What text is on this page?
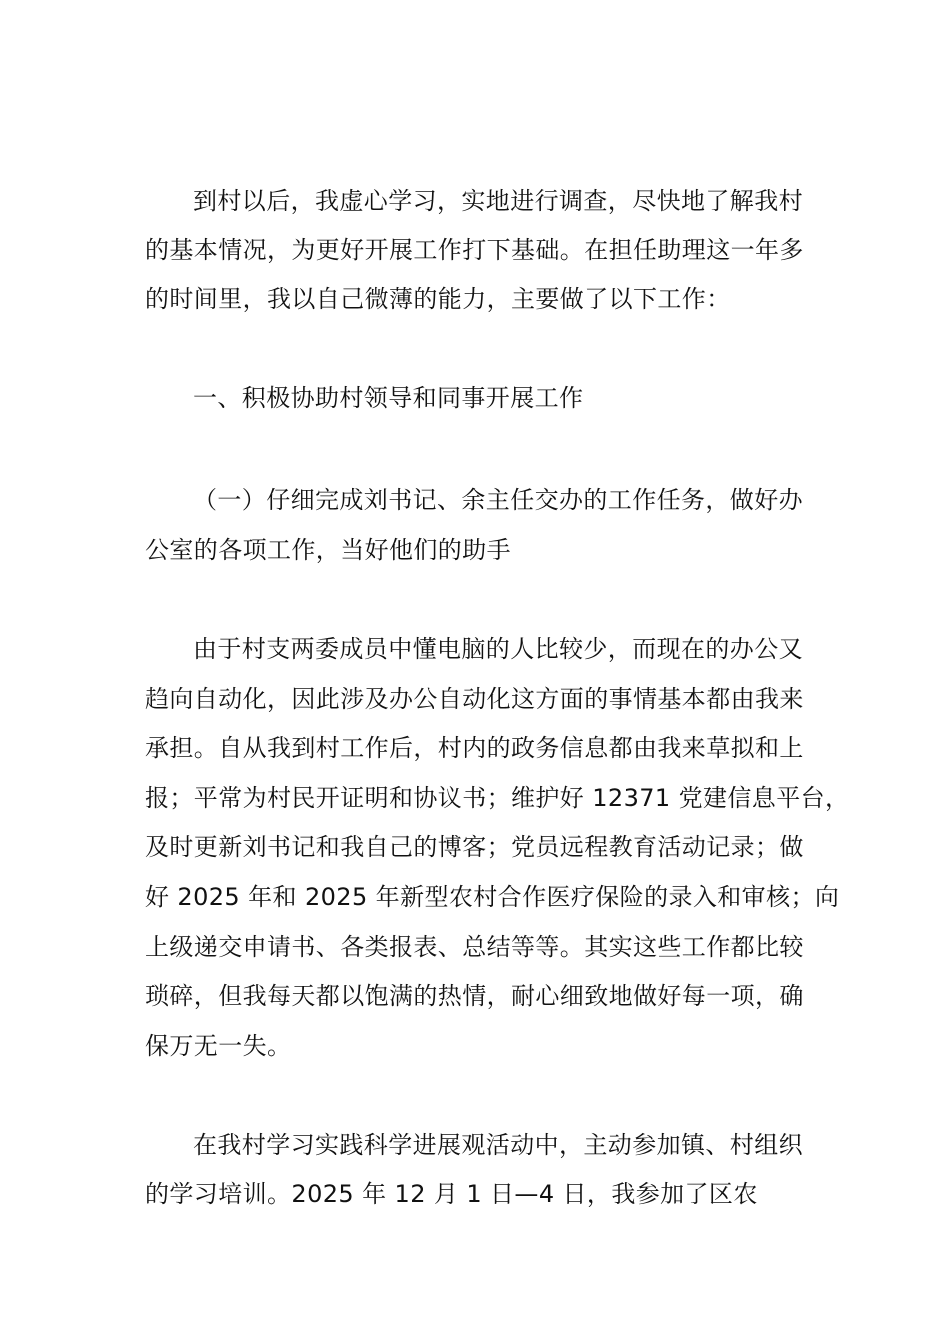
到村以后，我虚心学习，实地进行调查，尽快地了解我村
的基本情况，为更好开展工作打下基础。在担任助理这一年多
的时间里，我以自己微薄的能力，主要做了以下工作：
一、积极协助村领导和同事开展工作
（一）仔细完成刘书记、余主任交办的工作任务，做好办
公室的各项工作，当好他们的助手
由于村支两委成员中懂电脑的人比较少，而现在的办公又
趋向自动化，因此涉及办公自动化这方面的事情基本都由我来
承担。自从我到村工作后，村内的政务信息都由我来草拟和上
报；平常为村民开证明和协议书；维护好 12371 党建信息平台，
及时更新刘书记和我自己的博客；党员远程教育活动记录；做
好 2025 年和 2025 年新型农村合作医疗保险的录入和审核；向
上级递交申请书、各类报表、总结等等。其实这些工作都比较
琐碎，但我每天都以饱满的热情，耐心细致地做好每一项，确
保万无一失。
在我村学习实践科学进展观活动中，主动参加镇、村组织
的学习培训。2025 年 12 月 1 日—4 日，我参加了区农
